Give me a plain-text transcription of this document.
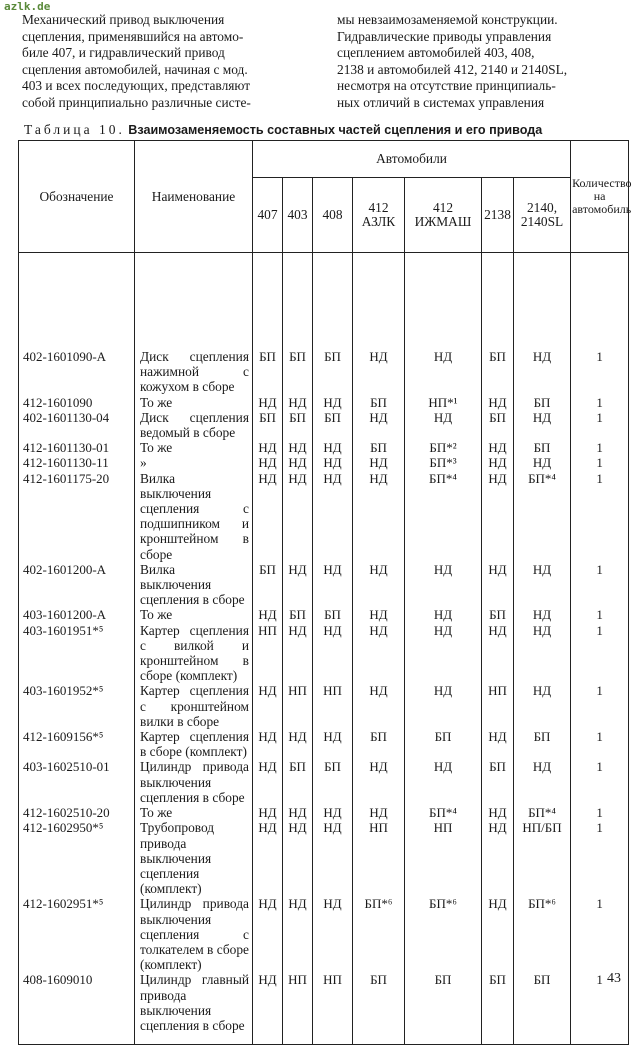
azlk.de
Механический привод выключения
сцепления, применявшийся на автомо-
биле 407, и гидравлический привод
сцепления автомобилей, начиная с мод.
403 и всех последующих, представляют
собой принципиально различные систе-
мы невзаимозаменяемой конструкции.
Гидравлические приводы управления
сцеплением автомобилей 403, 408,
2138 и автомобилей 412, 2140 и 2140SL,
несмотря на отсутствие принципиаль-
ных отличий в системах управления
Таблица 10. Взаимозаменяемость составных частей сцепления и его привода
Обозначение	Наименование	Автомобили							Количество на автомобиль
		407	403	408	412 АЗЛК	412 ИЖМАШ	2138	2140, 2140SL	
402-1601090-А	Диск сцепления нажимной с кожухом в сборе	БП	БП	БП	НД	НД	БП	НД	1
412-1601090	То же	НД	НД	НД	БП	НП*¹	НД	БП	1
402-1601130-04	Диск сцепления ведомый в сборе	БП	БП	БП	НД	НД	БП	НД	1
412-1601130-01	То же	НД	НД	НД	БП	БП*²	НД	БП	1
412-1601130-11	»	НД	НД	НД	НД	БП*³	НД	НД	1
412-1601175-20	Вилка выключения сцепления с подшипником и кронштейном в сборе	НД	НД	НД	НД	БП*⁴	НД	БП*⁴	1
402-1601200-А	Вилка выключения сцепления в сборе	БП	НД	НД	НД	НД	НД	НД	1
403-1601200-А	То же	НД	БП	БП	НД	НД	БП	НД	1
403-1601951*⁵	Картер сцепления с вилкой и кронштейном в сборе (комплект)	НП	НД	НД	НД	НД	НД	НД	1
403-1601952*⁵	Картер сцепления с кронштейном вилки в сборе	НД	НП	НП	НД	НД	НП	НД	1
412-1609156*⁵	Картер сцепления в сборе (комплект)	НД	НД	НД	БП	БП	НД	БП	1
403-1602510-01	Цилиндр привода выключения сцепления в сборе	НД	БП	БП	НД	НД	БП	НД	1
412-1602510-20	То же	НД	НД	НД	НД	БП*⁴	НД	БП*⁴	1
412-1602950*⁵	Трубопровод привода выключения сцепления (комплект)	НД	НД	НД	НП	НП	НД	НП/БП	1
412-1602951*⁵	Цилиндр привода выключения сцепления с толкателем в сборе (комплект)	НД	НД	НД	БП*⁶	БП*⁶	НД	БП*⁶	1
408-1609010	Цилиндр главный привода выключения сцепления в сборе	НД	НП	НП	БП	БП	БП	БП	1 43
